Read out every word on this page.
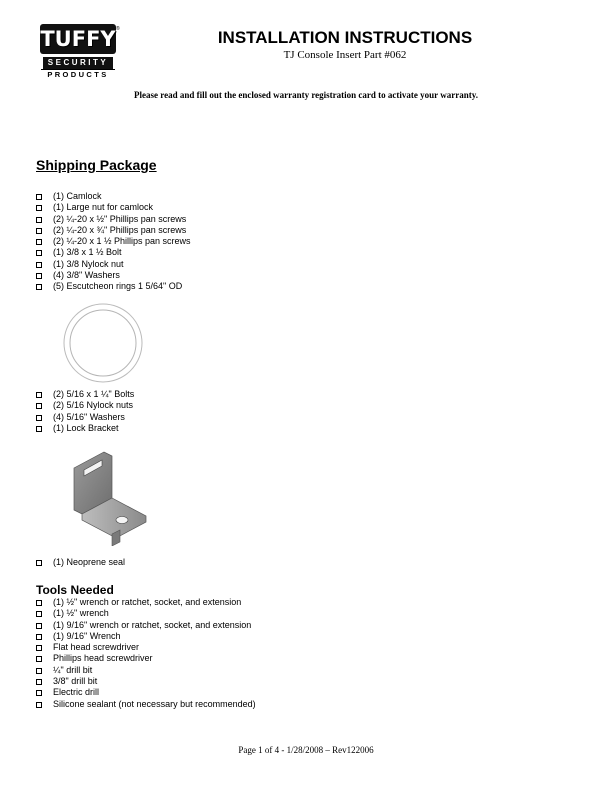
TUFFY
SECURITY
PRODUCTS
®	INSTALLATION INSTRUCTIONS
TJ Console Insert Part #062
Please read and fill out the enclosed warranty registration card to activate your warranty.
Shipping Package
(1) Camlock
(1) Large nut for camlock
(2) ¼-20 x ½" Phillips pan screws
(2) ¼-20 x ¾" Phillips pan screws
(2) ¼-20 x 1 ½ Phillips pan screws
(1) 3/8 x 1 ½ Bolt
(1) 3/8 Nylock nut
(4) 3/8" Washers
(5) Escutcheon rings 1 5/64" OD
(2) 5/16 x 1 ¼" Bolts
(2) 5/16 Nylock nuts
(4) 5/16" Washers
(1) Lock Bracket
(1) Neoprene seal
Tools Needed
(1) ½" wrench or ratchet, socket, and extension
(1) ½" wrench
(1) 9/16" wrench or ratchet, socket, and extension
(1) 9/16" Wrench
Flat head screwdriver
Phillips head screwdriver
¼" drill bit
3/8" drill bit
Electric drill
Silicone sealant (not necessary but recommended)
Page 1 of 4 - 1/28/2008 – Rev122006
